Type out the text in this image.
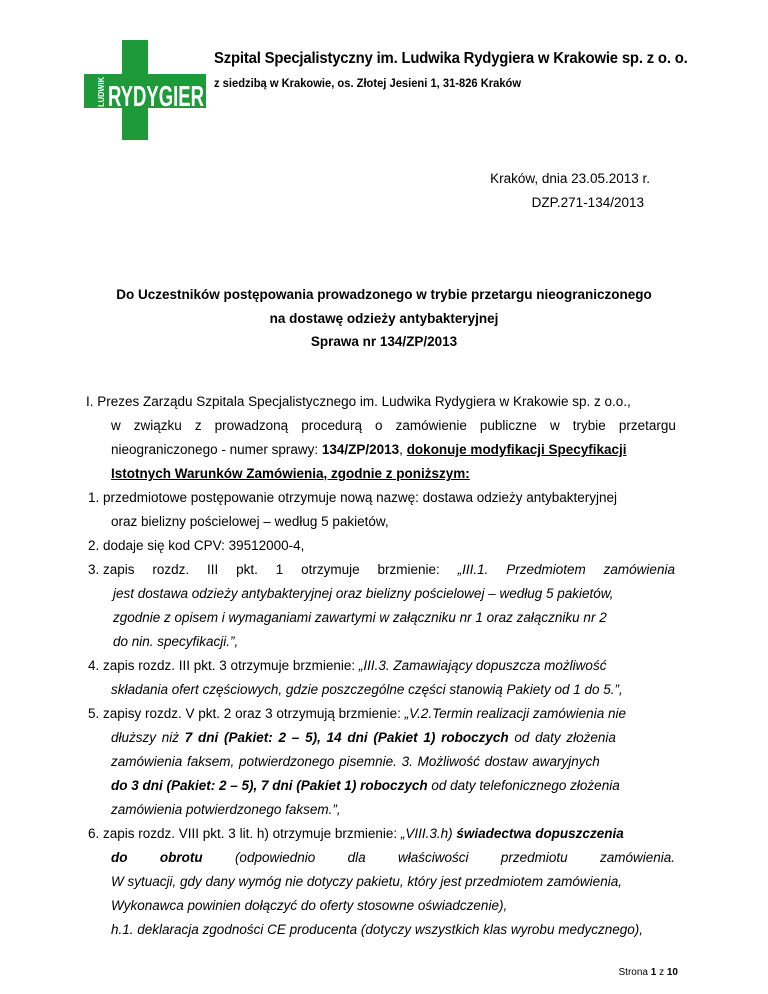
RYDYGIER
LUDWIK
Szpital Specjalistyczny im. Ludwika Rydygiera w Krakowie sp. z o. o.
z siedzibą w Krakowie, os. Złotej Jesieni 1, 31-826 Kraków
Kraków, dnia 23.05.2013 r.
DZP.271-134/2013
Do Uczestników postępowania prowadzonego w trybie przetargu nieograniczonego
na dostawę odzieży antybakteryjnej
Sprawa nr 134/ZP/2013
I. Prezes Zarządu Szpitala Specjalistycznego im. Ludwika Rydygiera w Krakowie sp. z o.o.,
w związku z prowadzoną procedurą o zamówienie publiczne w trybie przetargu
nieograniczonego - numer sprawy: 134/ZP/2013, dokonuje modyfikacji Specyfikacji
Istotnych Warunków Zamówienia, zgodnie z poniższym:
1. przedmiotowe postępowanie otrzymuje nową nazwę: dostawa odzieży antybakteryjnej
oraz bielizny pościelowej – według 5 pakietów,
2. dodaje się kod CPV: 39512000-4,
3. zapis rozdz. III pkt. 1 otrzymuje brzmienie: „III.1. Przedmiotem zamówienia
jest dostawa odzieży antybakteryjnej oraz bielizny pościelowej – według 5 pakietów,
zgodnie z opisem i wymaganiami zawartymi w załączniku nr 1 oraz załączniku nr 2
do nin. specyfikacji.”,
4. zapis rozdz. III pkt. 3 otrzymuje brzmienie: „III.3. Zamawiający dopuszcza możliwość
składania ofert częściowych, gdzie poszczególne części stanowią Pakiety od 1 do 5.”,
5. zapisy rozdz. V pkt. 2 oraz 3 otrzymują brzmienie: „V.2.Termin realizacji zamówienia nie
dłuższy niż 7 dni (Pakiet: 2 – 5), 14 dni (Pakiet 1) roboczych od daty złożenia
zamówienia faksem, potwierdzonego pisemnie. 3. Możliwość dostaw awaryjnych
do 3 dni (Pakiet: 2 – 5), 7 dni (Pakiet 1) roboczych od daty telefonicznego złożenia
zamówienia potwierdzonego faksem.”,
6. zapis rozdz. VIII pkt. 3 lit. h) otrzymuje brzmienie: „VIII.3.h) świadectwa dopuszczenia
do obrotu (odpowiednio dla właściwości przedmiotu zamówienia.
W sytuacji, gdy dany wymóg nie dotyczy pakietu, który jest przedmiotem zamówienia,
Wykonawca powinien dołączyć do oferty stosowne oświadczenie),
h.1. deklaracja zgodności CE producenta (dotyczy wszystkich klas wyrobu medycznego),
Strona 1 z 10
